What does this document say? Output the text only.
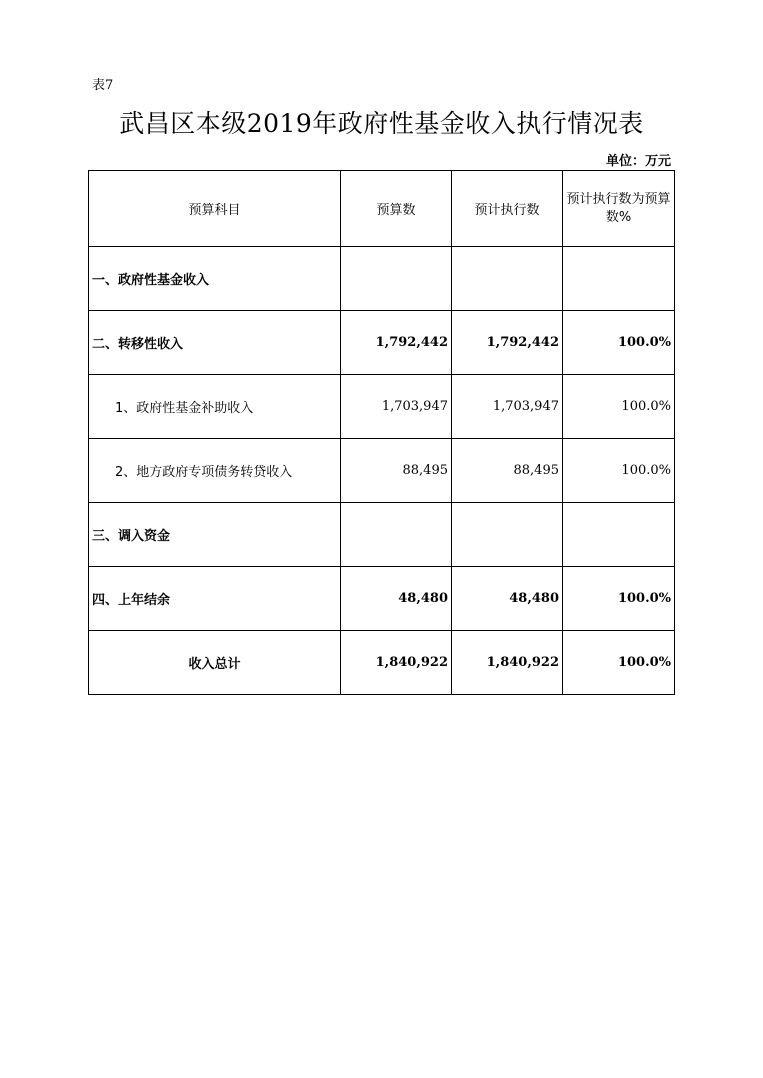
表7
武昌区本级2019年政府性基金收入执行情况表
单位：万元
预算科目	预算数	预计执行数	预计执行数为预算数%
一、政府性基金收入			
二、转移性收入	1,792,442	1,792,442	100.0%
1、政府性基金补助收入	1,703,947	1,703,947	100.0%
2、地方政府专项债务转贷收入	88,495	88,495	100.0%
三、调入资金			
四、上年结余	48,480	48,480	100.0%
收入总计	1,840,922	1,840,922	100.0%
